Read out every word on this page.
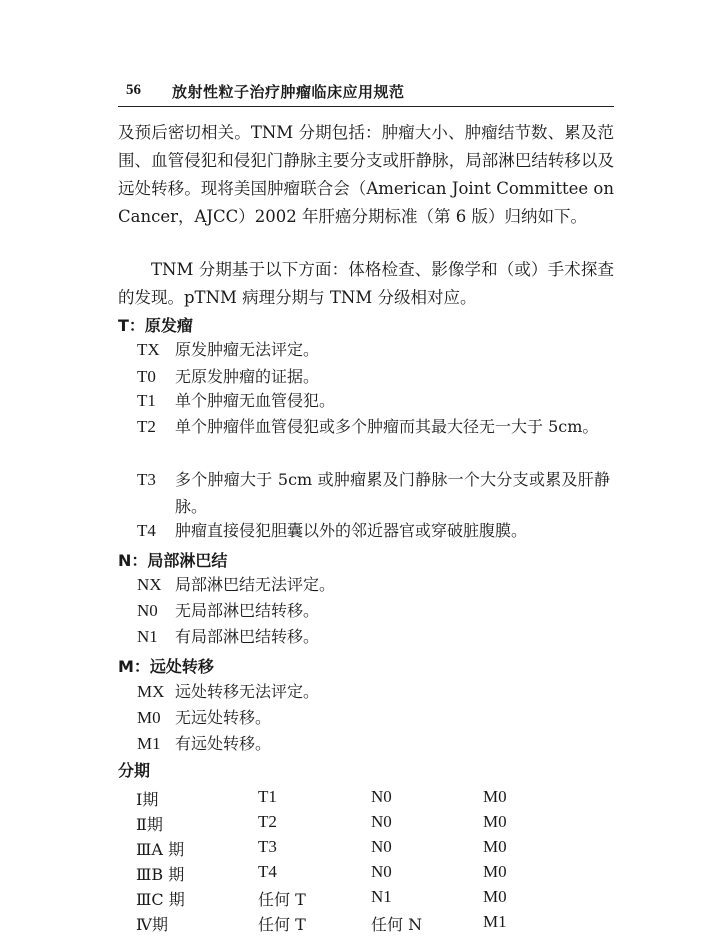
56 放射性粒子治疗肿瘤临床应用规范
及预后密切相关。TNM 分期包括：肿瘤大小、肿瘤结节数、累及范围、血管侵犯和侵犯门静脉主要分支或肝静脉，局部淋巴结转移以及远处转移。现将美国肿瘤联合会（American Joint Committee on Cancer，AJCC）2002 年肝癌分期标准（第 6 版）归纳如下。
TNM 分期基于以下方面：体格检查、影像学和（或）手术探查的发现。pTNM 病理分期与 TNM 分级相对应。
T：原发瘤
TX 原发肿瘤无法评定。
T0 无原发肿瘤的证据。
T1 单个肿瘤无血管侵犯。
T2 单个肿瘤伴血管侵犯或多个肿瘤而其最大径无一大于 5cm。
T3 多个肿瘤大于 5cm 或肿瘤累及门静脉一个大分支或累及肝静脉。
T4 肿瘤直接侵犯胆囊以外的邻近器官或穿破脏腹膜。
N：局部淋巴结
NX 局部淋巴结无法评定。
N0 无局部淋巴结转移。
N1 有局部淋巴结转移。
M：远处转移
MX 远处转移无法评定。
M0 无远处转移。
M1 有远处转移。
分期
Ⅰ期	T1	N0	M0
Ⅱ期	T2	N0	M0
ⅢA 期	T3	N0	M0
ⅢB 期	T4	N0	M0
ⅢC 期	任何 T	N1	M0
Ⅳ期	任何 T	任何 N	M1
